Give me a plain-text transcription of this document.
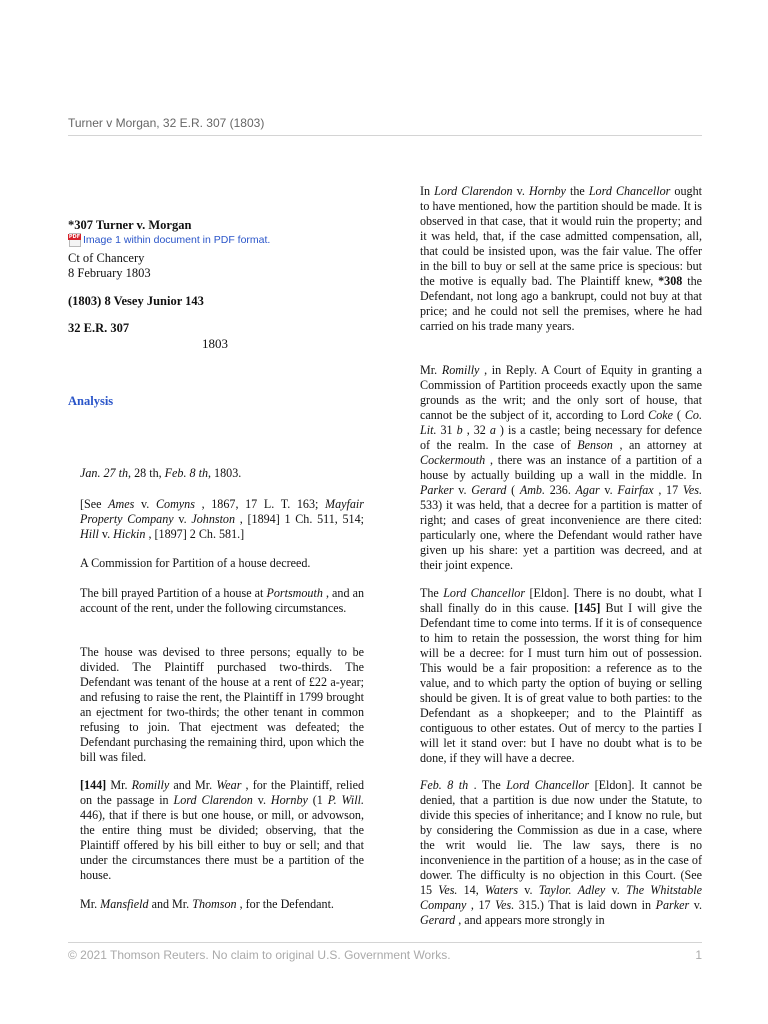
Turner v Morgan, 32 E.R. 307 (1803)
*307 Turner v. Morgan
PDF Image 1 within document in PDF format.
Ct of Chancery
8 February 1803
(1803) 8 Vesey Junior 143
32 E.R. 307
1803
Analysis
Jan. 27 th, 28 th, Feb. 8 th, 1803.
[See Ames v. Comyns , 1867, 17 L. T. 163; Mayfair Property Company v. Johnston , [1894] 1 Ch. 511, 514; Hill v. Hickin , [1897] 2 Ch. 581.]
A Commission for Partition of a house decreed.
The bill prayed Partition of a house at Portsmouth , and an account of the rent, under the following circumstances.
The house was devised to three persons; equally to be divided. The Plaintiff purchased two-thirds. The Defendant was tenant of the house at a rent of £22 a-year; and refusing to raise the rent, the Plaintiff in 1799 brought an ejectment for two-thirds; the other tenant in common refusing to join. That ejectment was defeated; the Defendant purchasing the remaining third, upon which the bill was filed.
[144] Mr. Romilly and Mr. Wear , for the Plaintiff, relied on the passage in Lord Clarendon v. Hornby (1 P. Will. 446), that if there is but one house, or mill, or advowson, the entire thing must be divided; observing, that the Plaintiff offered by his bill either to buy or sell; and that under the circumstances there must be a partition of the house.
Mr. Mansfield and Mr. Thomson , for the Defendant.
In Lord Clarendon v. Hornby the Lord Chancellor ought to have mentioned, how the partition should be made. It is observed in that case, that it would ruin the property; and it was held, that, if the case admitted compensation, all, that could be insisted upon, was the fair value. The offer in the bill to buy or sell at the same price is specious: but the motive is equally bad. The Plaintiff knew, *308 the Defendant, not long ago a bankrupt, could not buy at that price; and he could not sell the premises, where he had carried on his trade many years.
Mr. Romilly , in Reply. A Court of Equity in granting a Commission of Partition proceeds exactly upon the same grounds as the writ; and the only sort of house, that cannot be the subject of it, according to Lord Coke ( Co. Lit. 31 b , 32 a ) is a castle; being necessary for defence of the realm. In the case of Benson , an attorney at Cockermouth , there was an instance of a partition of a house by actually building up a wall in the middle. In Parker v. Gerard ( Amb. 236. Agar v. Fairfax , 17 Ves. 533) it was held, that a decree for a partition is matter of right; and cases of great inconvenience are there cited: particularly one, where the Defendant would rather have given up his share: yet a partition was decreed, and at their joint expence.
The Lord Chancellor [Eldon]. There is no doubt, what I shall finally do in this cause. [145] But I will give the Defendant time to come into terms. If it is of consequence to him to retain the possession, the worst thing for him will be a decree: for I must turn him out of possession. This would be a fair proposition: a reference as to the value, and to which party the option of buying or selling should be given. It is of great value to both parties: to the Defendant as a shopkeeper; and to the Plaintiff as contiguous to other estates. Out of mercy to the parties I will let it stand over: but I have no doubt what is to be done, if they will have a decree.
Feb. 8 th . The Lord Chancellor [Eldon]. It cannot be denied, that a partition is due now under the Statute, to divide this species of inheritance; and I know no rule, but by considering the Commission as due in a case, where the writ would lie. The law says, there is no inconvenience in the partition of a house; as in the case of dower. The difficulty is no objection in this Court. (See 15 Ves. 14, Waters v. Taylor. Adley v. The Whitstable Company , 17 Ves. 315.) That is laid down in Parker v. Gerard , and appears more strongly in
© 2021 Thomson Reuters. No claim to original U.S. Government Works.	1
